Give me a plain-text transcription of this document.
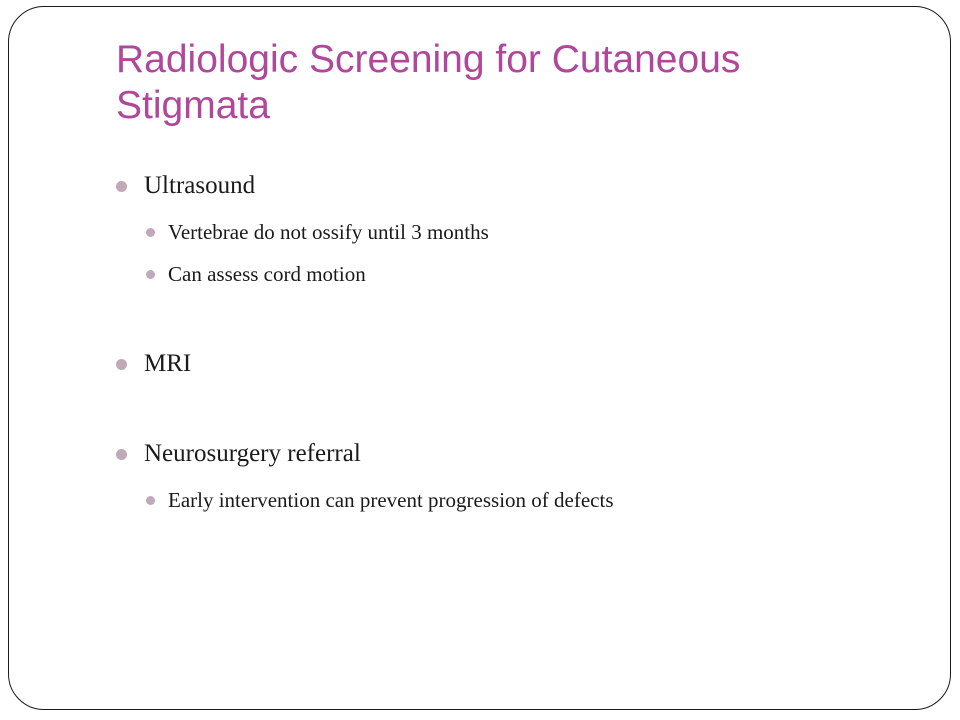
Radiologic Screening for Cutaneous Stigmata
Ultrasound
Vertebrae do not ossify until 3 months
Can assess cord motion
MRI
Neurosurgery referral
Early intervention can prevent progression of defects
